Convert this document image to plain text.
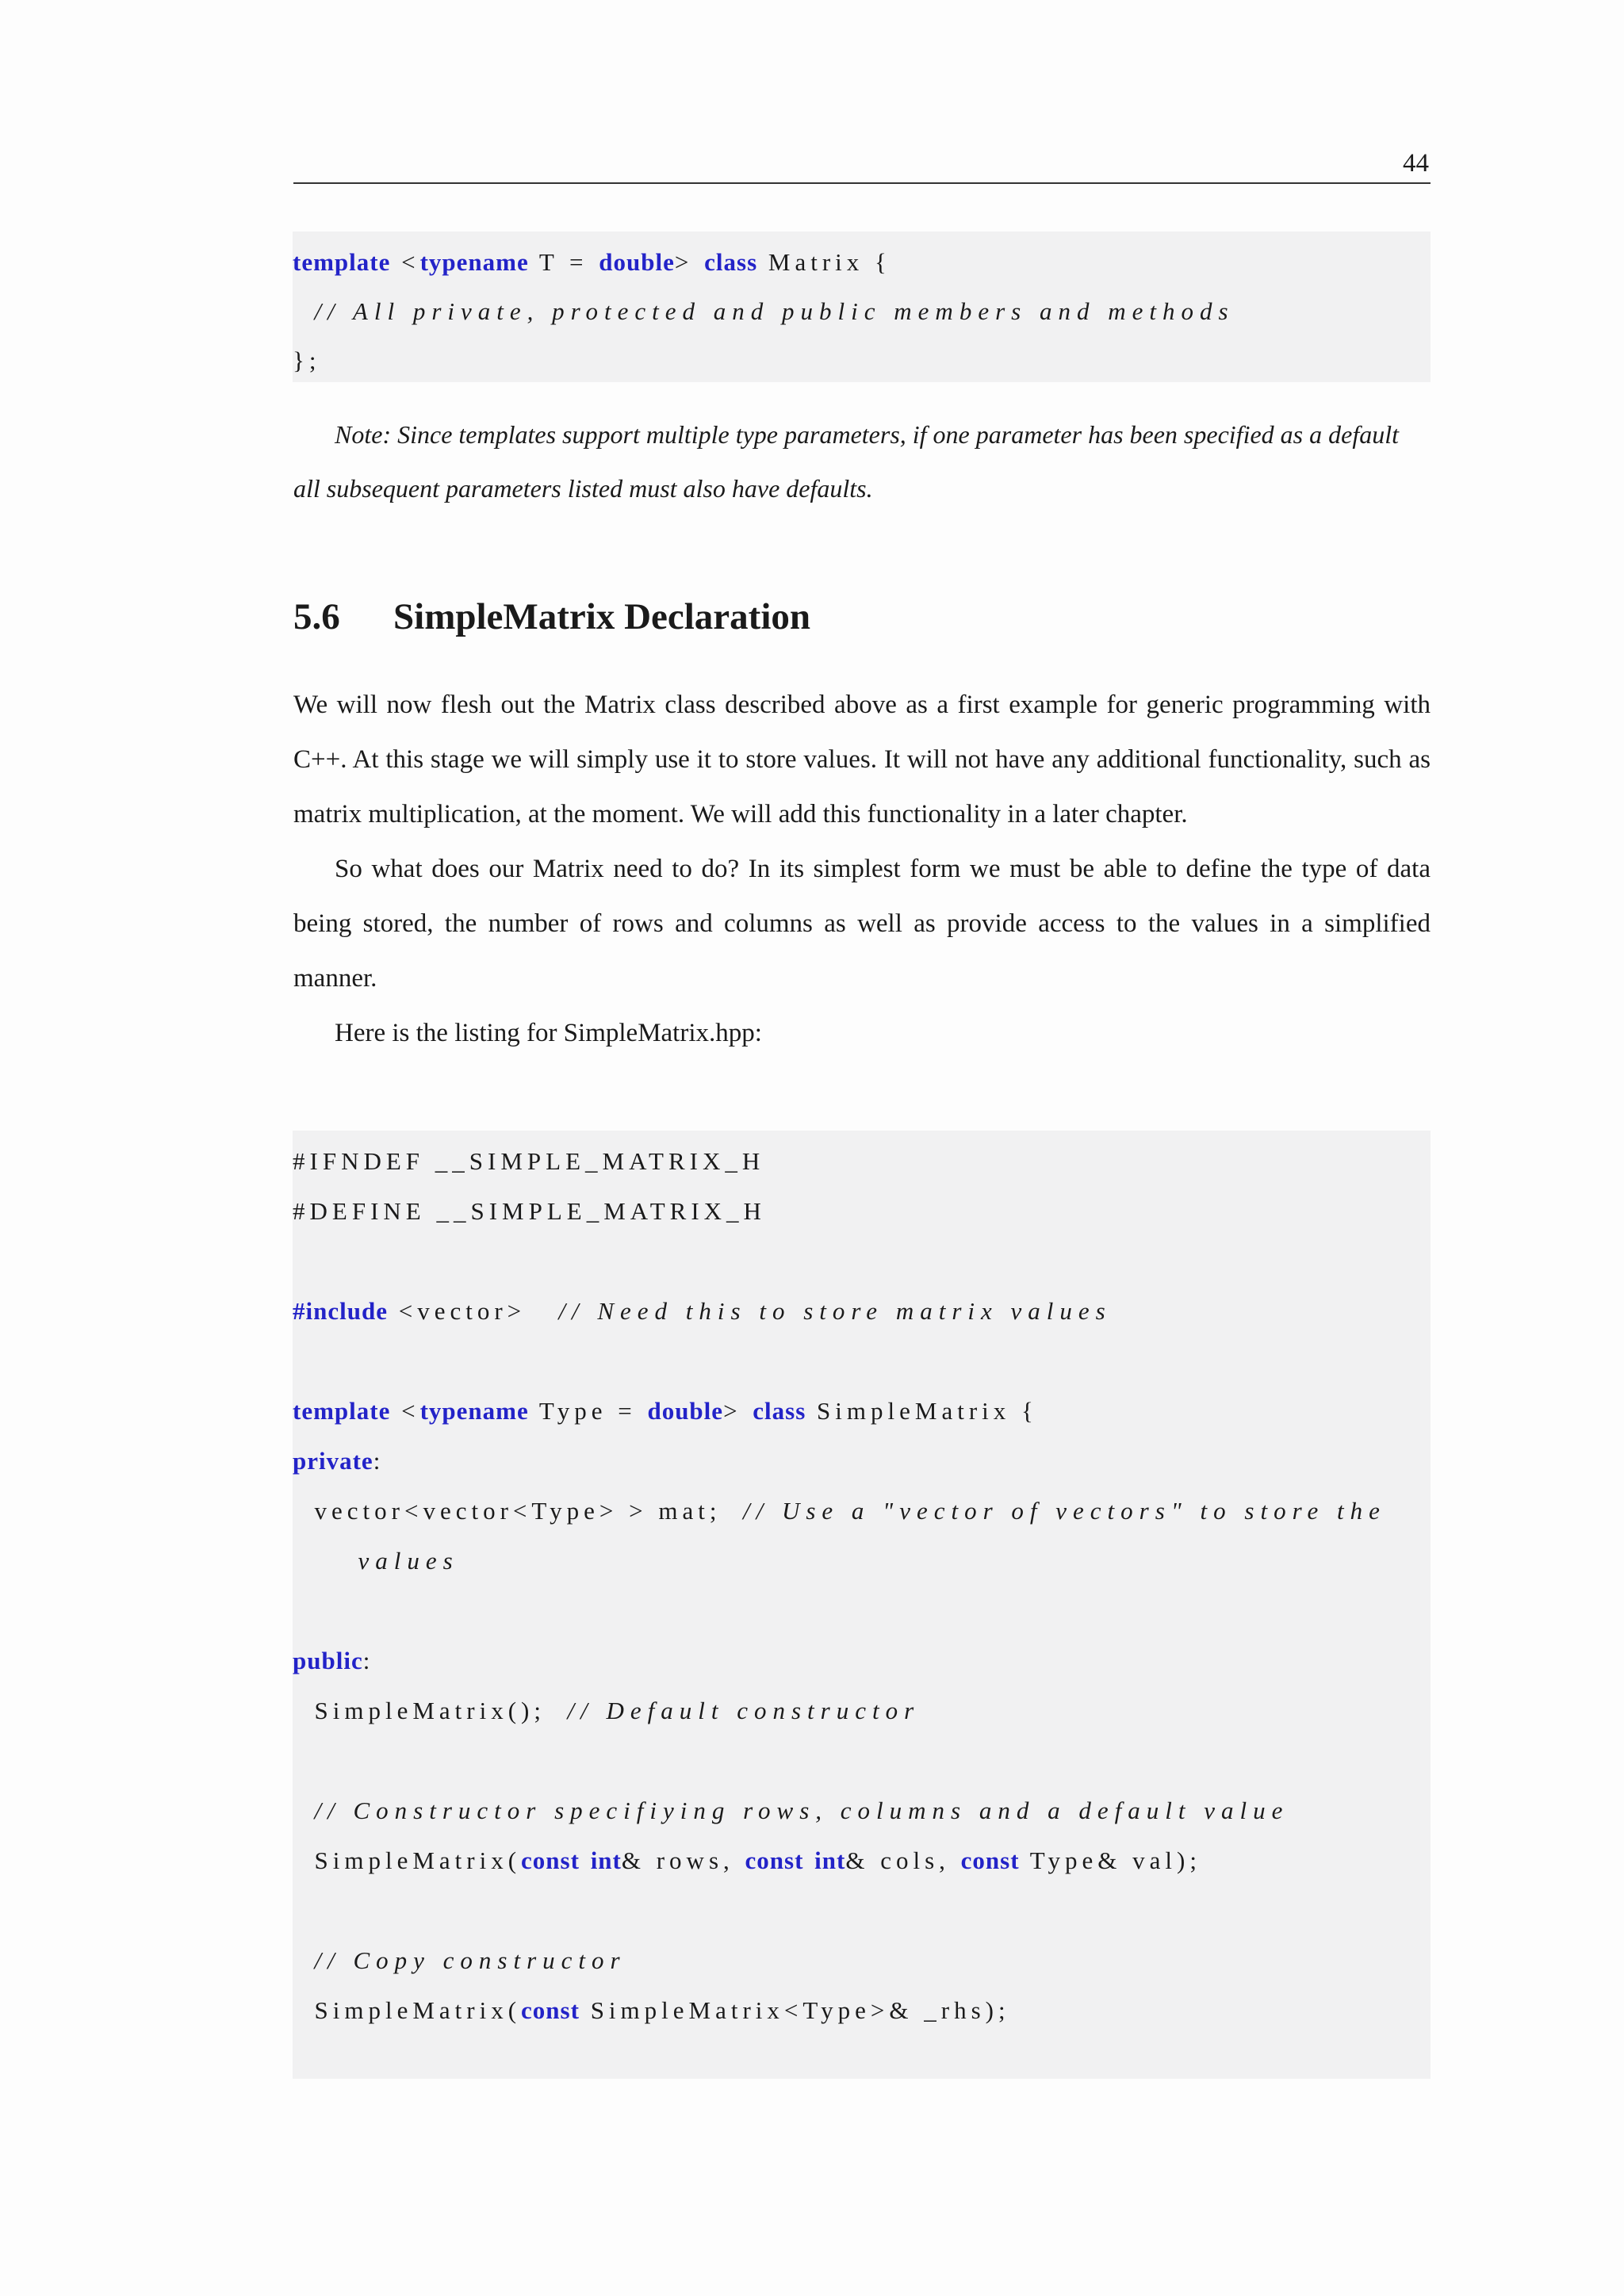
44
template <typename T = double> class Matrix {
// All private, protected and public members and methods
};

Note: Since templates support multiple type parameters, if one parameter has been specified as a default all subsequent parameters listed must also have defaults.

5.6 SimpleMatrix Declaration

We will now flesh out the Matrix class described above as a first example for generic programming with C++. At this stage we will simply use it to store values. It will not have any additional functionality, such as matrix multiplication, at the moment. We will add this functionality in a later chapter.

So what does our Matrix need to do? In its simplest form we must be able to define the type of data being stored, the number of rows and columns as well as provide access to the values in a simplified manner.

Here is the listing for SimpleMatrix.hpp:

#IFNDEF __SIMPLE_MATRIX_H
#DEFINE __SIMPLE_MATRIX_H
#include <vector>   // Need this to store matrix values
template <typename Type = double> class SimpleMatrix {
private:
vector<vector<Type> > mat;  // Use a "vector of vectors" to store the
values
public:
SimpleMatrix();  // Default constructor
// Constructor specifiying rows, columns and a default value
SimpleMatrix(const int& rows, const int& cols, const Type& val);
// Copy constructor
SimpleMatrix(const SimpleMatrix<Type>& _rhs);
